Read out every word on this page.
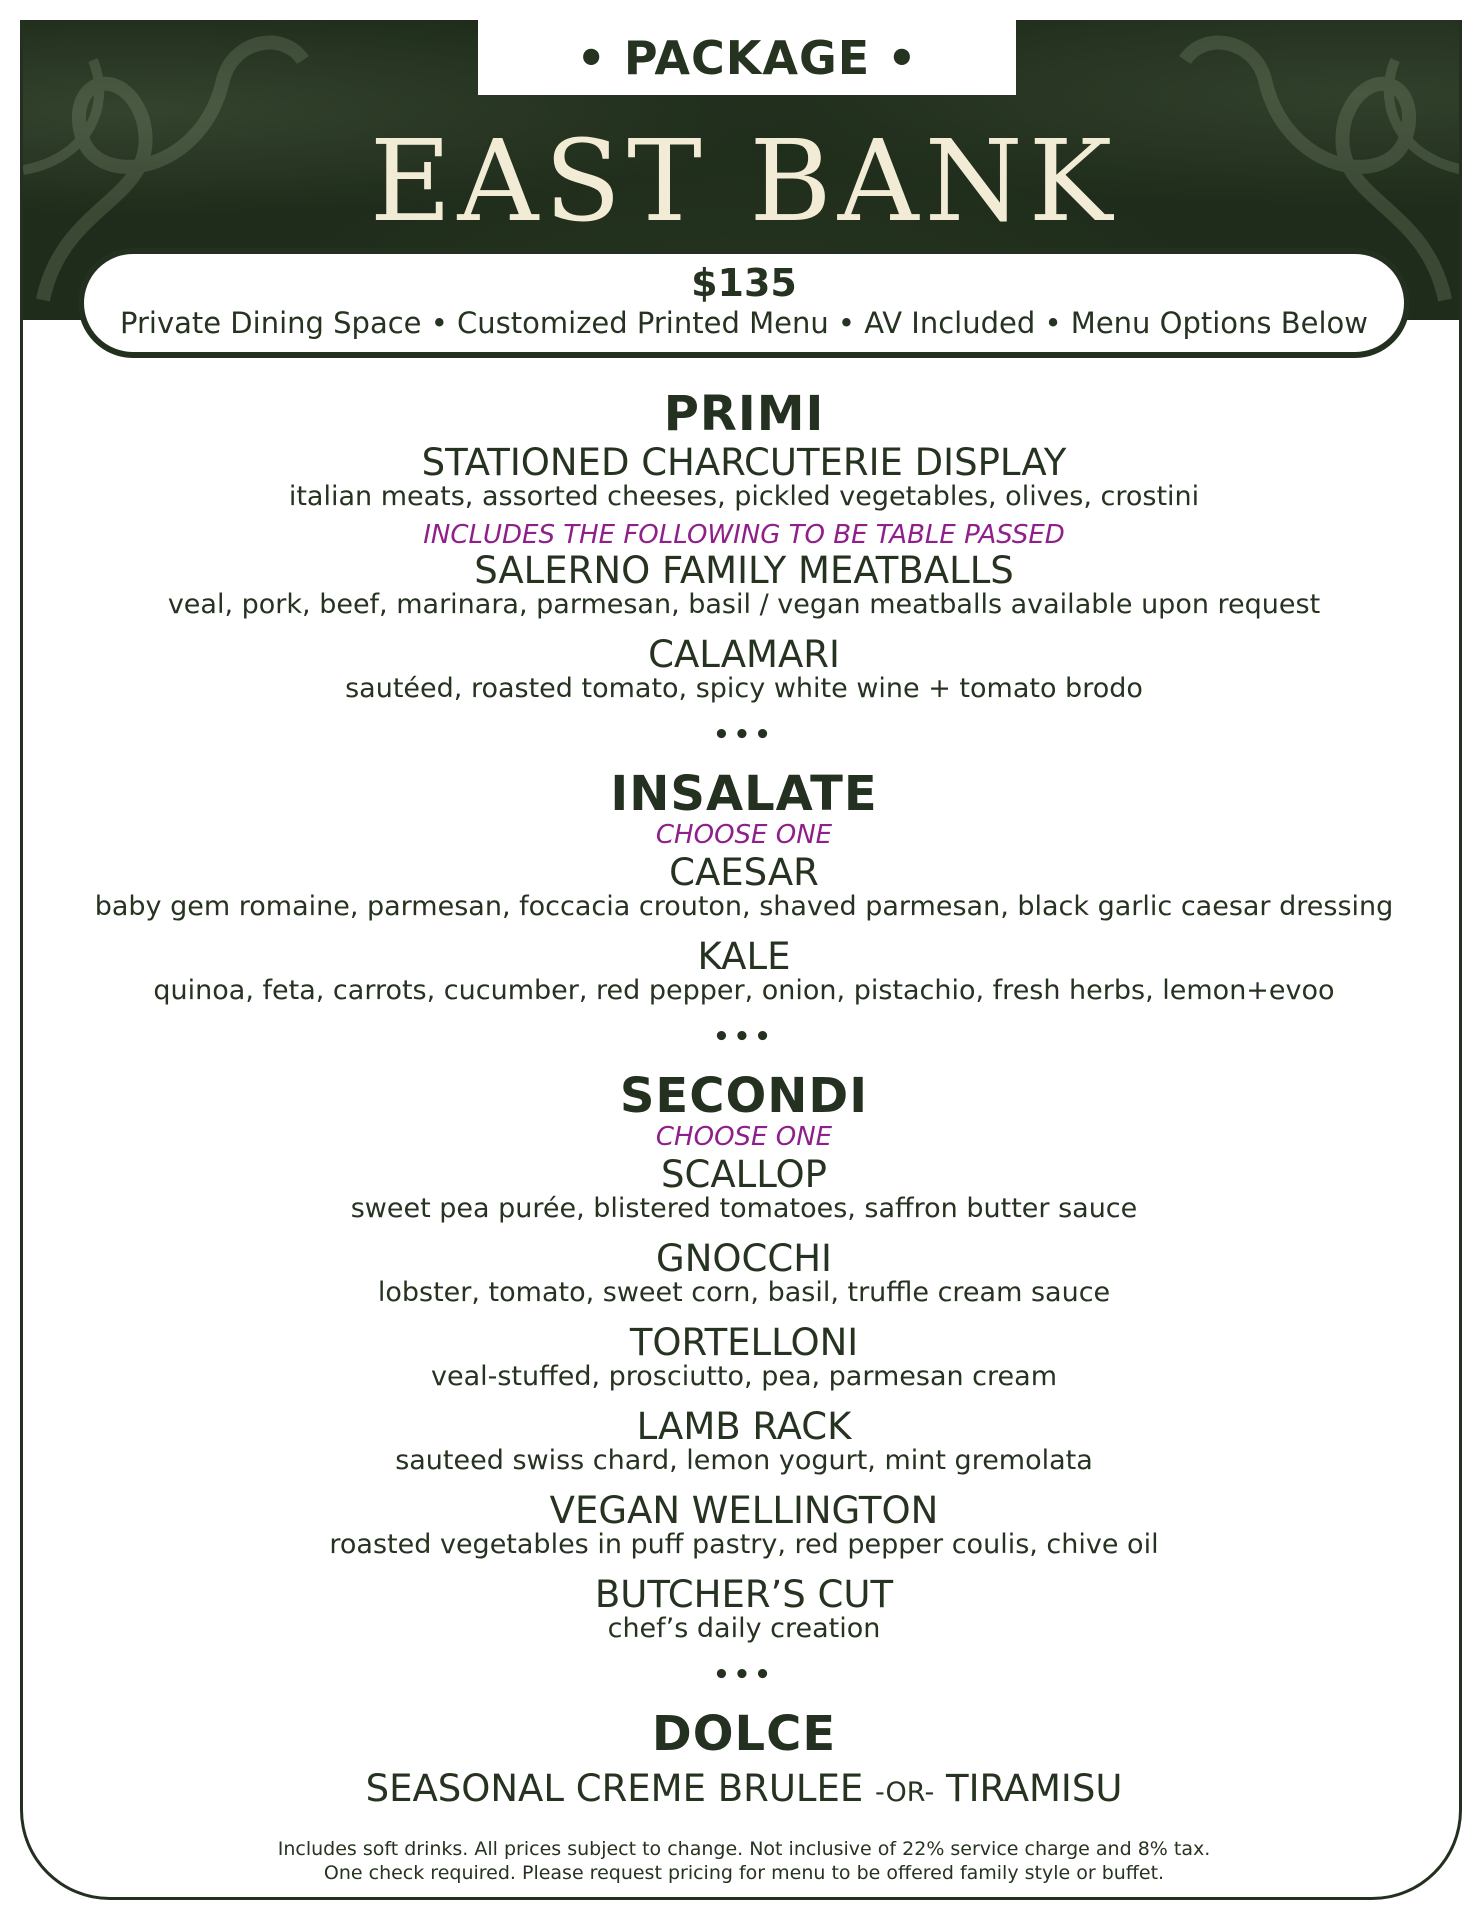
• PACKAGE •
EAST BANK
$135
Private Dining Space • Customized Printed Menu • AV Included • Menu Options Below
PRIMI
STATIONED CHARCUTERIE DISPLAY
italian meats, assorted cheeses, pickled vegetables, olives, crostini
INCLUDES THE FOLLOWING TO BE TABLE PASSED
SALERNO FAMILY MEATBALLS
veal, pork, beef, marinara, parmesan, basil / vegan meatballs available upon request
CALAMARI
sautéed, roasted tomato, spicy white wine + tomato brodo
•••
INSALATE
CHOOSE ONE
CAESAR
baby gem romaine, parmesan, foccacia crouton, shaved parmesan, black garlic caesar dressing
KALE
quinoa, feta, carrots, cucumber, red pepper, onion, pistachio, fresh herbs, lemon+evoo
•••
SECONDI
CHOOSE ONE
SCALLOP
sweet pea purée, blistered tomatoes, saffron butter sauce
GNOCCHI
lobster, tomato, sweet corn, basil, truffle cream sauce
TORTELLONI
veal-stuffed, prosciutto, pea, parmesan cream
LAMB RACK
sauteed swiss chard, lemon yogurt, mint gremolata
VEGAN WELLINGTON
roasted vegetables in puff pastry, red pepper coulis, chive oil
BUTCHER’S CUT
chef’s daily creation
•••
DOLCE
SEASONAL CREME BRULEE -OR- TIRAMISU
Includes soft drinks. All prices subject to change. Not inclusive of 22% service charge and 8% tax.
One check required. Please request pricing for menu to be offered family style or buffet.
